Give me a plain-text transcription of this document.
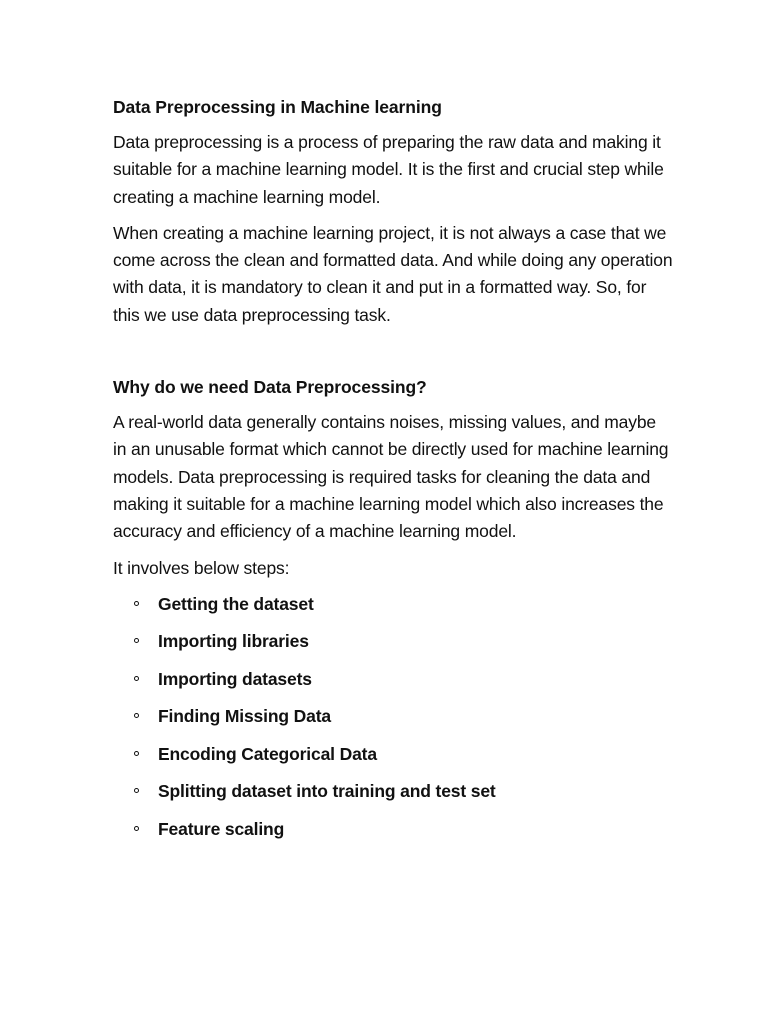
Data Preprocessing in Machine learning

Data preprocessing is a process of preparing the raw data and making it suitable for a machine learning model. It is the first and crucial step while creating a machine learning model.

When creating a machine learning project, it is not always a case that we come across the clean and formatted data. And while doing any operation with data, it is mandatory to clean it and put in a formatted way. So, for this we use data preprocessing task.

Why do we need Data Preprocessing?

A real-world data generally contains noises, missing values, and maybe in an unusable format which cannot be directly used for machine learning models. Data preprocessing is required tasks for cleaning the data and making it suitable for a machine learning model which also increases the accuracy and efficiency of a machine learning model.

It involves below steps:

Getting the dataset
Importing libraries
Importing datasets
Finding Missing Data
Encoding Categorical Data
Splitting dataset into training and test set
Feature scaling
